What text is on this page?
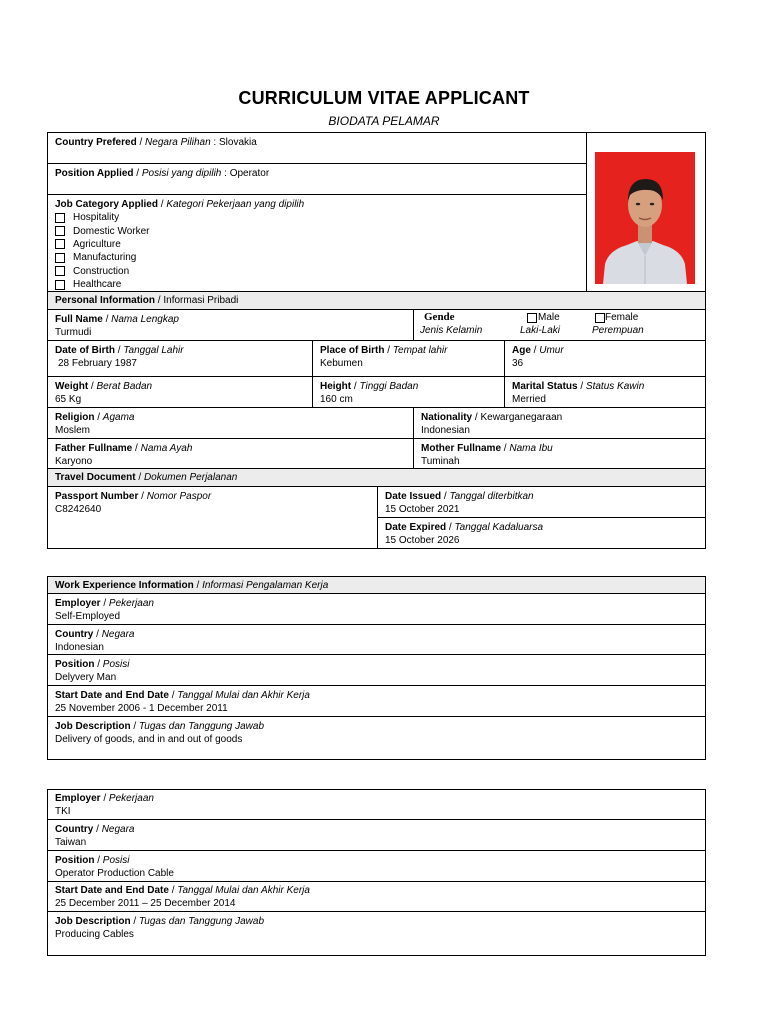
CURRICULUM VITAE APPLICANT
BIODATA PELAMAR
Country Prefered / Negara Pilihan : Slovakia
Position Applied / Posisi yang dipilih : Operator
Job Category Applied / Kategori Pekerjaan yang dipilih
Hospitality
Domestic Worker
Agriculture
Manufacturing
Construction
Healthcare
Personal Information / Informasi Pribadi
Full Name / Nama Lengkap
Turmudi
Gende
Jenis Kelamin
Male
Laki-Laki
Female
Perempuan
Date of Birth / Tanggal Lahir
28 February 1987
Place of Birth / Tempat lahir
Kebumen
Age / Umur
36
Weight / Berat Badan
65 Kg
Height / Tinggi Badan
160 cm
Marital Status / Status Kawin
Merried
Religion / Agama
Moslem
Nationality / Kewarganegaraan
Indonesian
Father Fullname / Nama Ayah
Karyono
Mother Fullname / Nama Ibu
Tuminah
Travel Document / Dokumen Perjalanan
Passport Number / Nomor Paspor
C8242640
Date Issued / Tanggal diterbitkan
15 October 2021
Date Expired / Tanggal Kadaluarsa
15 October 2026
Work Experience Information / Informasi Pengalaman Kerja
Employer / Pekerjaan
Self-Employed
Country / Negara
Indonesian
Position / Posisi
Delyvery Man
Start Date and End Date / Tanggal Mulai dan Akhir Kerja
25 November 2006 - 1 December 2011
Job Description / Tugas dan Tanggung Jawab
Delivery of goods, and in and out of goods
Employer / Pekerjaan
TKI
Country / Negara
Taiwan
Position / Posisi
Operator Production Cable
Start Date and End Date / Tanggal Mulai dan Akhir Kerja
25 December 2011 – 25 December 2014
Job Description / Tugas dan Tanggung Jawab
Producing Cables
